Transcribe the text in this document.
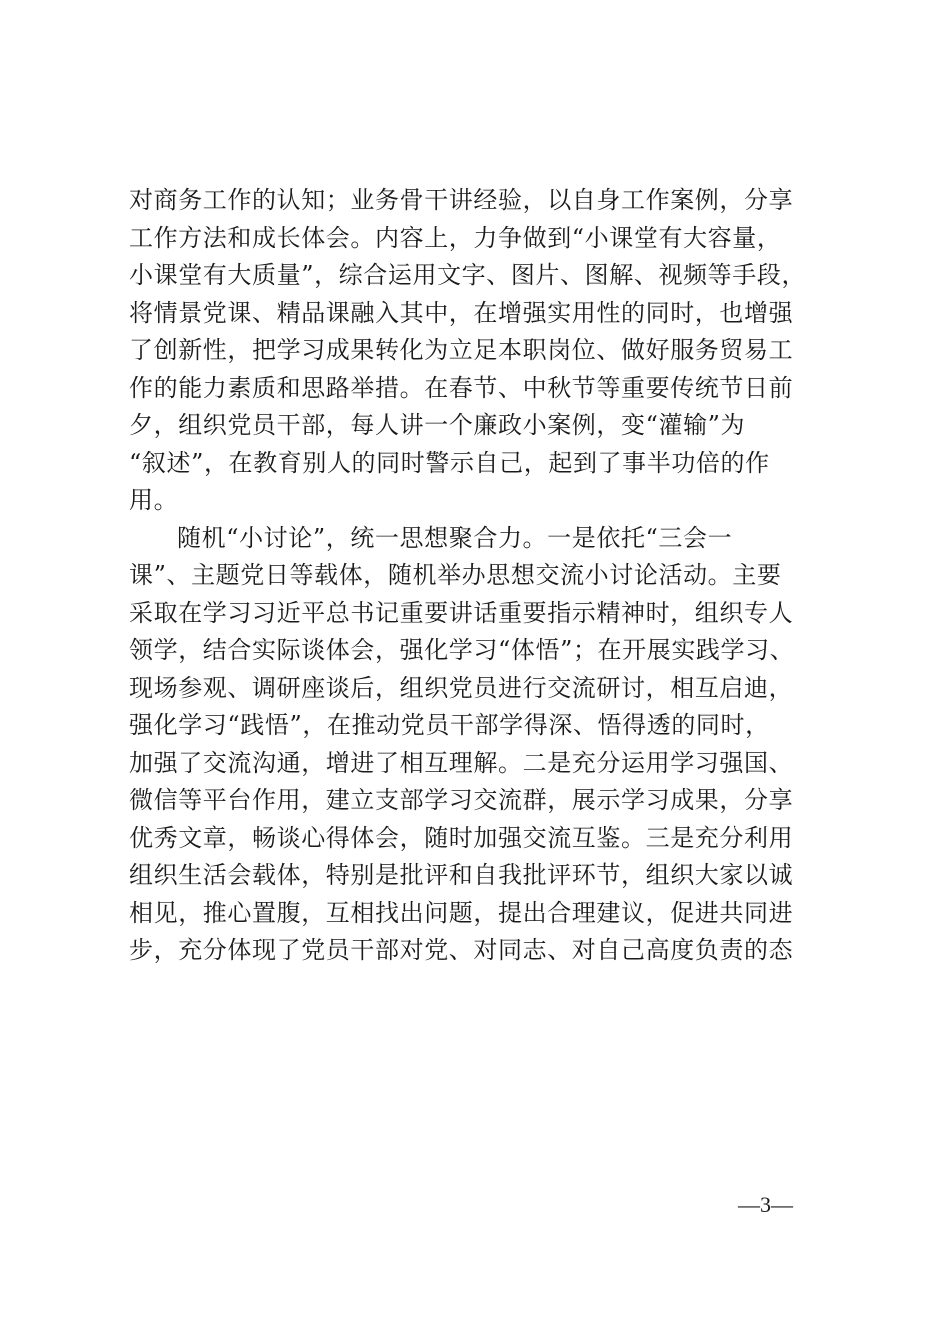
对商务工作的认知；业务骨干讲经验，以自身工作案例，分享
工作方法和成长体会。内容上，力争做到“小课堂有大容量，
小课堂有大质量”，综合运用文字、图片、图解、视频等手段，
将情景党课、精品课融入其中，在增强实用性的同时，也增强
了创新性，把学习成果转化为立足本职岗位、做好服务贸易工
作的能力素质和思路举措。在春节、中秋节等重要传统节日前
夕，组织党员干部，每人讲一个廉政小案例，变“灌输”为
“叙述”，在教育别人的同时警示自己，起到了事半功倍的作
用。
随机“小讨论”，统一思想聚合力。一是依托“三会一
课”、主题党日等载体，随机举办思想交流小讨论活动。主要
采取在学习习近平总书记重要讲话重要指示精神时，组织专人
领学，结合实际谈体会，强化学习“体悟”；在开展实践学习、
现场参观、调研座谈后，组织党员进行交流研讨，相互启迪，
强化学习“践悟”，在推动党员干部学得深、悟得透的同时，
加强了交流沟通，增进了相互理解。二是充分运用学习强国、
微信等平台作用，建立支部学习交流群，展示学习成果，分享
优秀文章，畅谈心得体会，随时加强交流互鉴。三是充分利用
组织生活会载体，特别是批评和自我批评环节，组织大家以诚
相见，推心置腹，互相找出问题，提出合理建议，促进共同进
步，充分体现了党员干部对党、对同志、对自己高度负责的态
—3—
